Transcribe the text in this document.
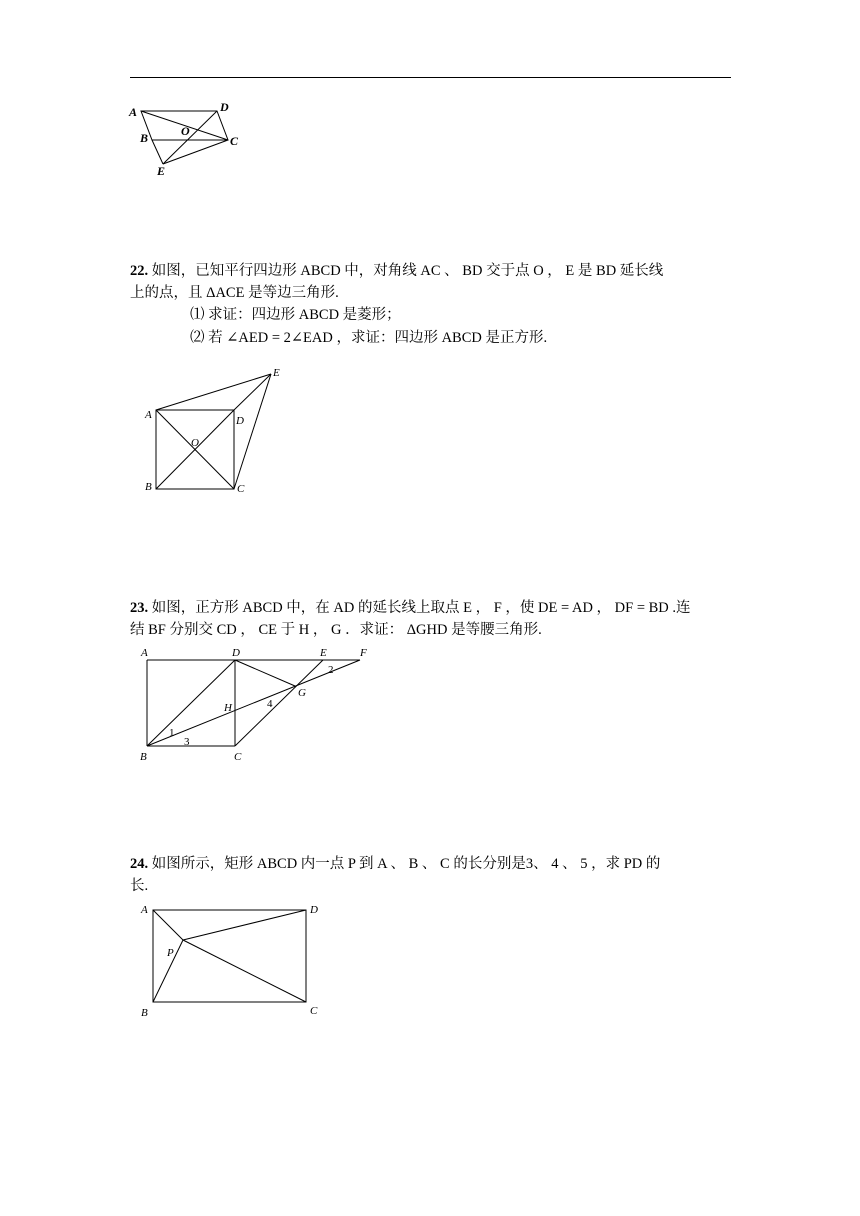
A	D
B	O
C
E
22. 如图，已知平行四边形 ABCD 中，对角线 AC 、 BD 交于点 O ， E 是 BD 延长线
上的点，且 ΔACE 是等边三角形.
⑴ 求证：四边形 ABCD 是菱形；
⑵ 若 ∠AED = 2∠EAD ，求证：四边形 ABCD 是正方形.
A	D
O
B	C
E
23. 如图，正方形 ABCD 中，在 AD 的延长线上取点 E ， F ，使 DE = AD ， DF = BD .连
结 BF 分别交 CD ， CE 于 H ， G ．求证： ΔGHD 是等腰三角形.
A	D	E	F
2
G
H	4
1
3
B	C
24. 如图所示，矩形 ABCD 内一点 P 到 A 、 B 、 C 的长分别是3、 4 、 5 ，求 PD 的
长.
A	D
P
B	C
